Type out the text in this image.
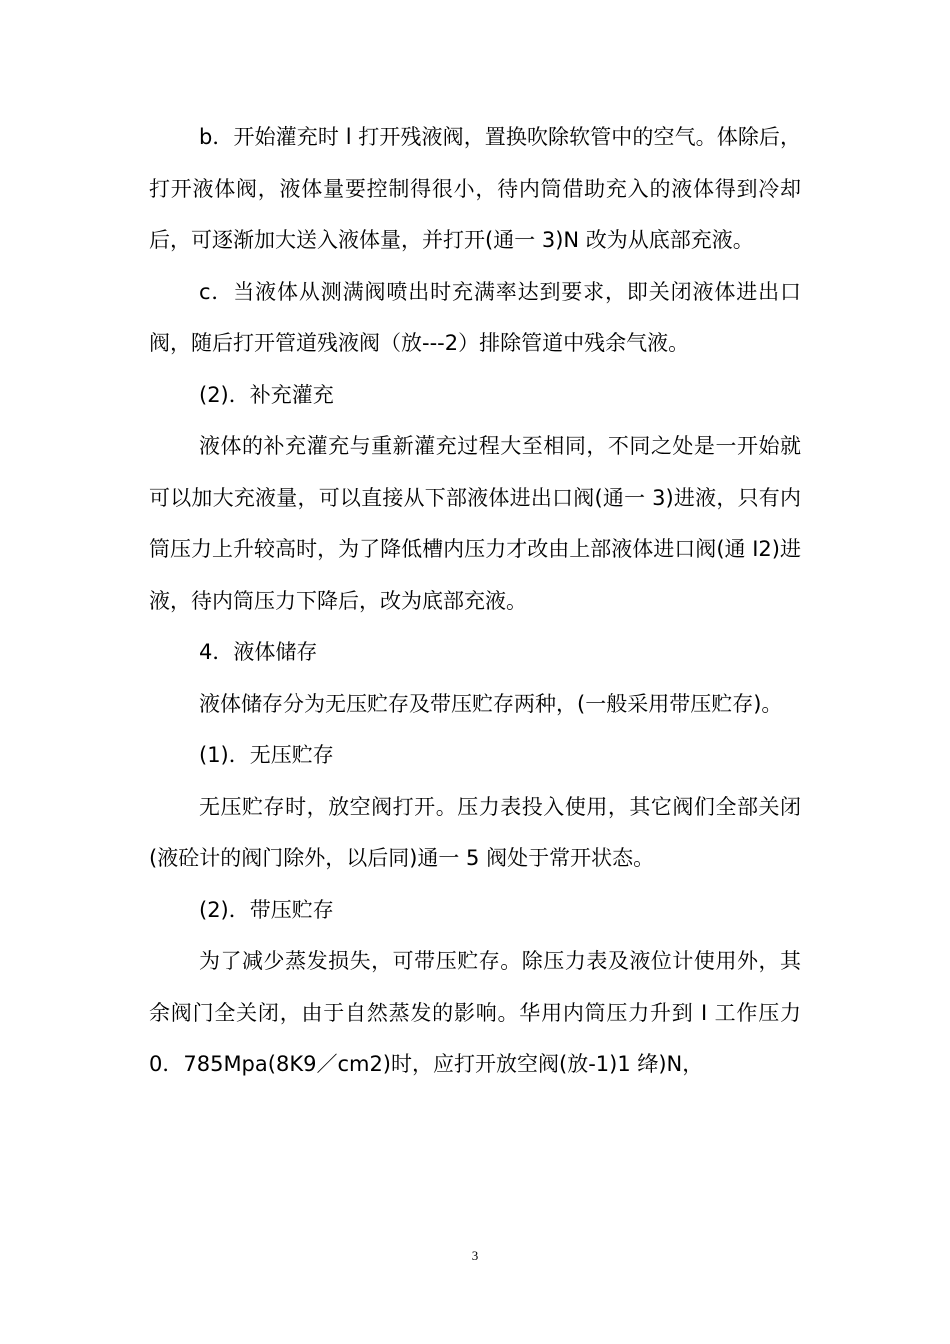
b．开始灌充时 l 打开残液阀，置换吹除软管中的空气。体除后，打开液体阀，液体量要控制得很小，待内筒借助充入的液体得到冷却后，可逐渐加大送入液体量，并打开(通一 3)N 改为从底部充液。

c．当液体从测满阀喷出时充满率达到要求，即关闭液体进出口阀，随后打开管道残液阀（放---2）排除管道中残余气液。

(2)．补充灌充

液体的补充灌充与重新灌充过程大至相同，不同之处是一开始就可以加大充液量，可以直接从下部液体进出口阀(通一 3)进液，只有内筒压力上升较高时，为了降低槽内压力才改由上部液体进口阀(通 I2)进液，待内筒压力下降后，改为底部充液。

4．液体储存

液体储存分为无压贮存及带压贮存两种，(一般采用带压贮存)。

(1)．无压贮存

无压贮存时，放空阀打开。压力表投入使用，其它阀们全部关闭(液砼计的阀门除外，以后同)通一 5 阀处于常开状态。

(2)．带压贮存

为了减少蒸发损失，可带压贮存。除压力表及液位计使用外，其余阀门全关闭，由于自然蒸发的影响。华用内筒压力升到 I 工作压力 0．785Mpa(8K9／cm2)时，应打开放空阀(放-1)1 绛)N，

3
